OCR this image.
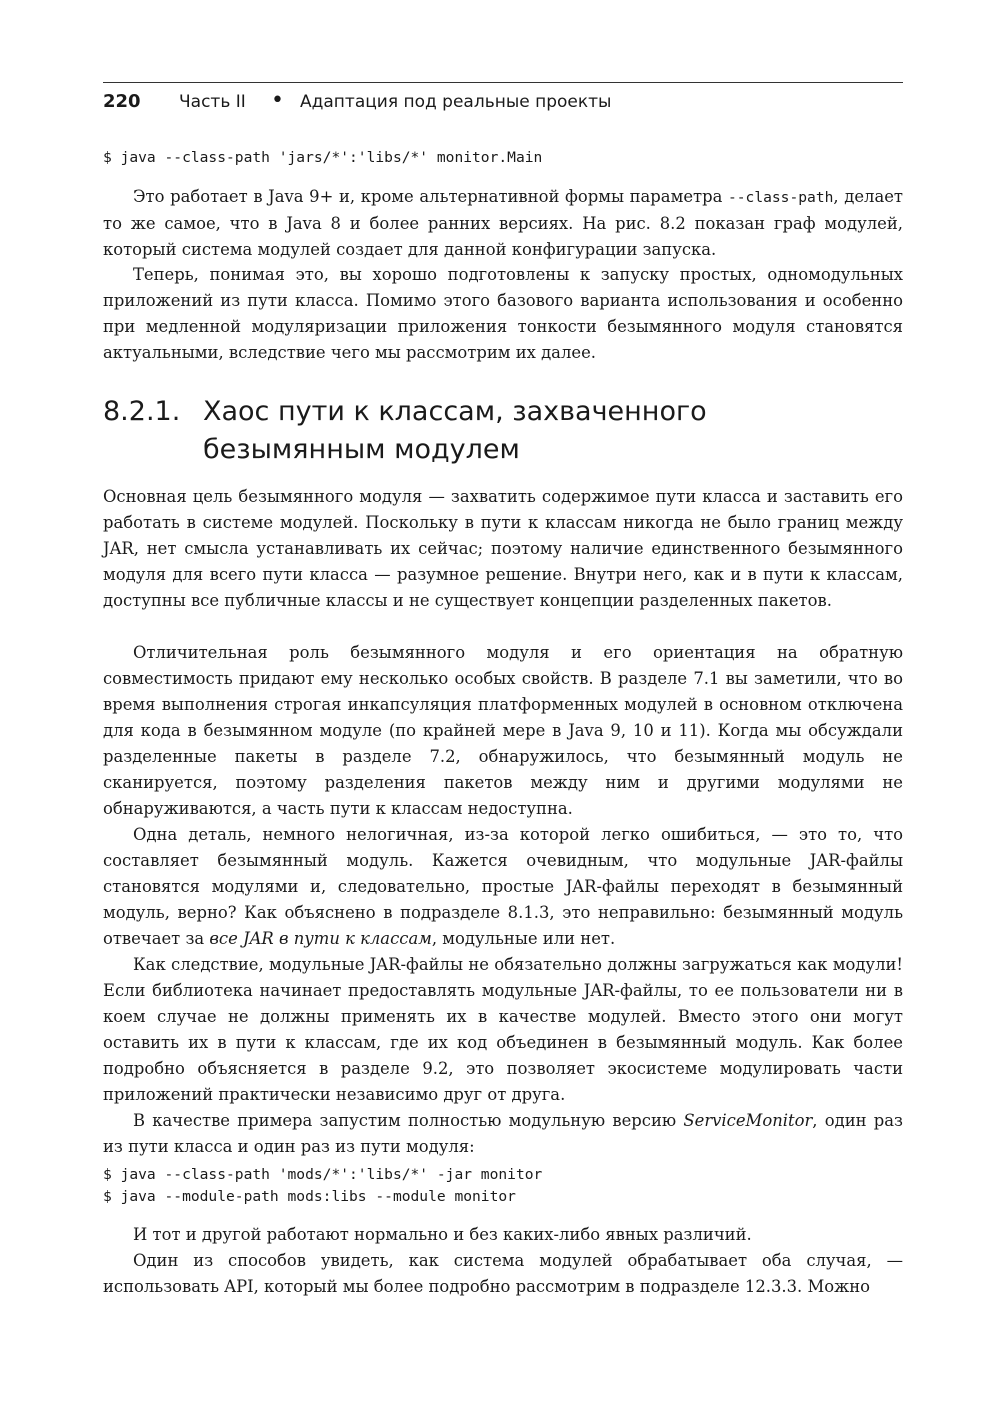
220 Часть II • Адаптация под реальные проекты
$ java --class-path 'jars/*':'libs/*' monitor.Main

Это работает в Java 9+ и, кроме альтернативной формы параметра --class-path, делает то же самое, что в Java 8 и более ранних версиях. На рис. 8.2 показан граф модулей, который система модулей создает для данной конфигурации запуска.

Теперь, понимая это, вы хорошо подготовлены к запуску простых, одномодульных приложений из пути класса. Помимо этого базового варианта использования и особенно при медленной модуляризации приложения тонкости безымянного модуля становятся актуальными, вследствие чего мы рассмотрим их далее.

8.2.1. Хаос пути к классам, захваченного
безымянным модулем

Основная цель безымянного модуля — захватить содержимое пути класса и заставить его работать в системе модулей. Поскольку в пути к классам никогда не было границ между JAR, нет смысла устанавливать их сейчас; поэтому наличие единственного безымянного модуля для всего пути класса — разумное решение. Внутри него, как и в пути к классам, доступны все публичные классы и не существует концепции разделенных пакетов.

Отличительная роль безымянного модуля и его ориентация на обратную совместимость придают ему несколько особых свойств. В разделе 7.1 вы заметили, что во время выполнения строгая инкапсуляция платформенных модулей в основном отключена для кода в безымянном модуле (по крайней мере в Java 9, 10 и 11). Когда мы обсуждали разделенные пакеты в разделе 7.2, обнаружилось, что безымянный модуль не сканируется, поэтому разделения пакетов между ним и другими модулями не обнаруживаются, а часть пути к классам недоступна.

Одна деталь, немного нелогичная, из-за которой легко ошибиться, — это то, что составляет безымянный модуль. Кажется очевидным, что модульные JAR-файлы становятся модулями и, следовательно, простые JAR-файлы переходят в безымянный модуль, верно? Как объяснено в подразделе 8.1.3, это неправильно: безымянный модуль отвечает за все JAR в пути к классам, модульные или нет.

Как следствие, модульные JAR-файлы не обязательно должны загружаться как модули! Если библиотека начинает предоставлять модульные JAR-файлы, то ее пользователи ни в коем случае не должны применять их в качестве модулей. Вместо этого они могут оставить их в пути к классам, где их код объединен в безымянный модуль. Как более подробно объясняется в разделе 9.2, это позволяет экосистеме модулировать части приложений практически независимо друг от друга.

В качестве примера запустим полностью модульную версию ServiceMonitor, один раз из пути класса и один раз из пути модуля:

$ java --class-path 'mods/*':'libs/*' -jar monitor
$ java --module-path mods:libs --module monitor

И тот и другой работают нормально и без каких-либо явных различий.

Один из способов увидеть, как система модулей обрабатывает оба случая, — использовать API, который мы более подробно рассмотрим в подразделе 12.3.3. Можно
